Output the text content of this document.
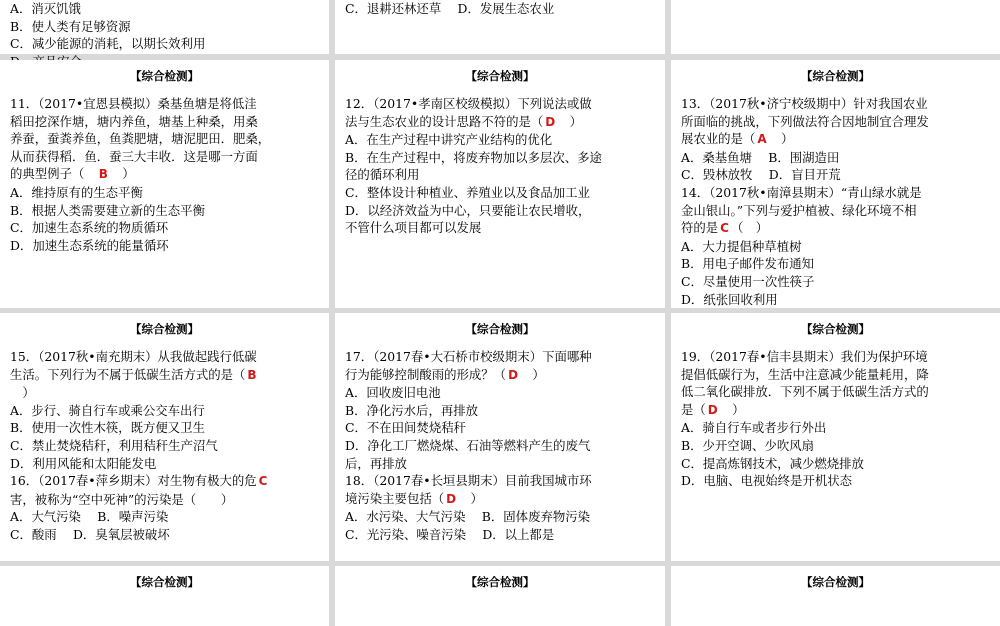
A．消灭饥饿
B．使人类有足够资源
C．减少能源的消耗，以期长效利用
C．退耕还林还草　 D．发展生态农业
【综合检测】
11．（2017•宜恩县模拟）桑基鱼塘是将低洼
稻田挖深作塘，塘内养鱼，塘基上种桑，用桑
养蚕，蚕粪养鱼，鱼粪肥塘，塘泥肥田．肥桑，
从而获得稻．鱼．蚕三大丰收．这是哪一方面
的典型例子（　B　）
A．维持原有的生态平衡
B．根据人类需要建立新的生态平衡
C．加速生态系统的物质循环
D．加速生态系统的能量循环
【综合检测】
12．（2017•孝南区校级模拟）下列说法或做
法与生态农业的设计思路不符的是（ D　）
A．在生产过程中讲究产业结构的优化
B．在生产过程中，将废弃物加以多层次、多途
径的循环利用
C．整体设计种植业、养殖业以及食品加工业
D．以经济效益为中心，只要能让农民增收，
不管什么项目都可以发展
【综合检测】
13．（2017秋•济宁校级期中）针对我国农业
所面临的挑战，下列做法符合因地制宜合理发
展农业的是（ A　）
A．桑基鱼塘　 B．围湖造田
C．毁林放牧　 D．盲目开荒
14．（2017秋•南漳县期末）“青山绿水就是
金山银山。”下列与爱护植被、绿化环境不相
符的是 C （　）
A．大力提倡种草植树
B．用电子邮件发布通知
C．尽量使用一次性筷子
D．纸张回收利用
【综合检测】
15．（2017秋•南充期末）从我做起践行低碳
生活。下列行为不属于低碳生活方式的是（ B
　）
A．步行、骑自行车或乘公交车出行
B．使用一次性木筷，既方便又卫生
C．禁止焚烧秸秆，利用秸秆生产沼气
D．利用风能和太阳能发电
16．（2017春•萍乡期末）对生物有极大的危 C
害，被称为“空中死神”的污染是（　　）
A．大气污染　 B．噪声污染
C．酸雨　 D．臭氧层被破坏
【综合检测】
17．（2017春•大石桥市校级期末）下面哪种
行为能够控制酸雨的形成？（ D　）
A．回收废旧电池
B．净化污水后，再排放
C．不在田间焚烧秸秆
D．净化工厂燃烧煤、石油等燃料产生的废气
后，再排放
18．（2017春•长垣县期末）目前我国城市环
境污染主要包括（ D　）
A．水污染、大气污染　 B．固体废弃物污染
C．光污染、噪音污染　 D．以上都是
【综合检测】
19．（2017春•信丰县期末）我们为保护环境
提倡低碳行为，生活中注意减少能量耗用，降
低二氧化碳排放．下列不属于低碳生活方式的
是（ D　）
A．骑自行车或者步行外出
B．少开空调、少吹风扇
C．提高炼钢技术，减少燃烧排放
D．电脑、电视始终是开机状态
【综合检测】	【综合检测】	【综合检测】
